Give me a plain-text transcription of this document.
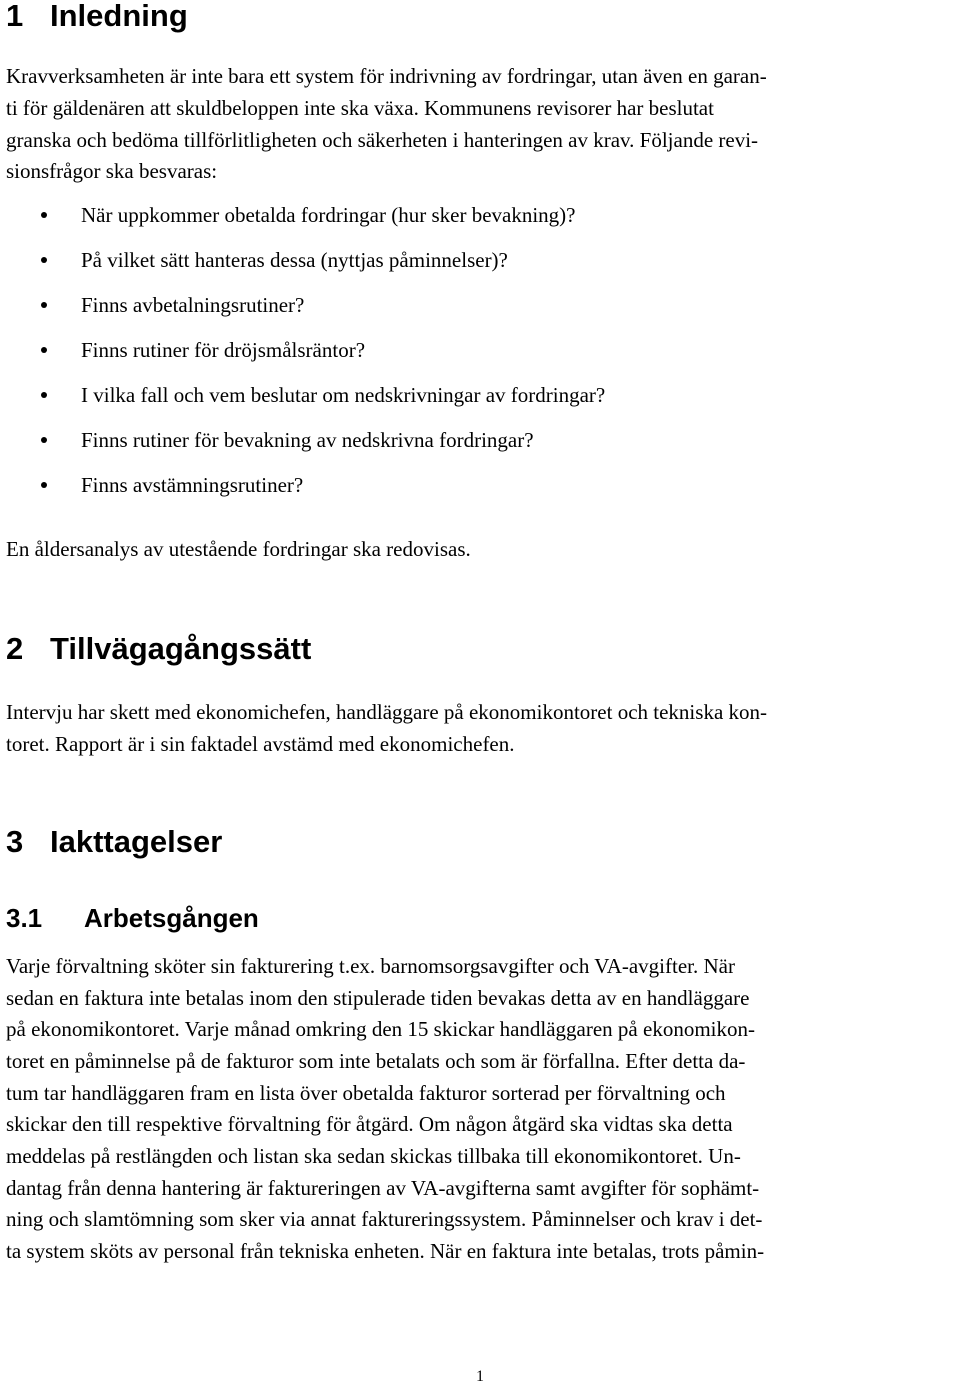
1 Inledning

Kravverksamheten är inte bara ett system för indrivning av fordringar, utan även en garan-

ti för gäldenären att skuldbeloppen inte ska växa. Kommunens revisorer har beslutat

granska och bedöma tillförlitligheten och säkerheten i hanteringen av krav. Följande revi-

sionsfrågor ska besvaras:

När uppkommer obetalda fordringar (hur sker bevakning)?
På vilket sätt hanteras dessa (nyttjas påminnelser)?
Finns avbetalningsrutiner?
Finns rutiner för dröjsmålsräntor?
I vilka fall och vem beslutar om nedskrivningar av fordringar?
Finns rutiner för bevakning av nedskrivna fordringar?
Finns avstämningsrutiner?

En åldersanalys av utestående fordringar ska redovisas.

2 Tillvägagångssätt

Intervju har skett med ekonomichefen, handläggare på ekonomikontoret och tekniska kon-

toret. Rapport är i sin faktadel avstämd med ekonomichefen.

3 Iakttagelser
3.1 Arbetsgången

Varje förvaltning sköter sin fakturering t.ex. barnomsorgsavgifter och VA-avgifter. När

sedan en faktura inte betalas inom den stipulerade tiden bevakas detta av en handläggare

på ekonomikontoret. Varje månad omkring den 15 skickar handläggaren på ekonomikon-

toret en påminnelse på de fakturor som inte betalats och som är förfallna. Efter detta da-

tum tar handläggaren fram en lista över obetalda fakturor sorterad per förvaltning och

skickar den till respektive förvaltning för åtgärd. Om någon åtgärd ska vidtas ska detta

meddelas på restlängden och listan ska sedan skickas tillbaka till ekonomikontoret. Un-

dantag från denna hantering är faktureringen av VA-avgifterna samt avgifter för sophämt-

ning och slamtömning som sker via annat faktureringssystem. Påminnelser och krav i det-

ta system sköts av personal från tekniska enheten. När en faktura inte betalas, trots påmin-

1
